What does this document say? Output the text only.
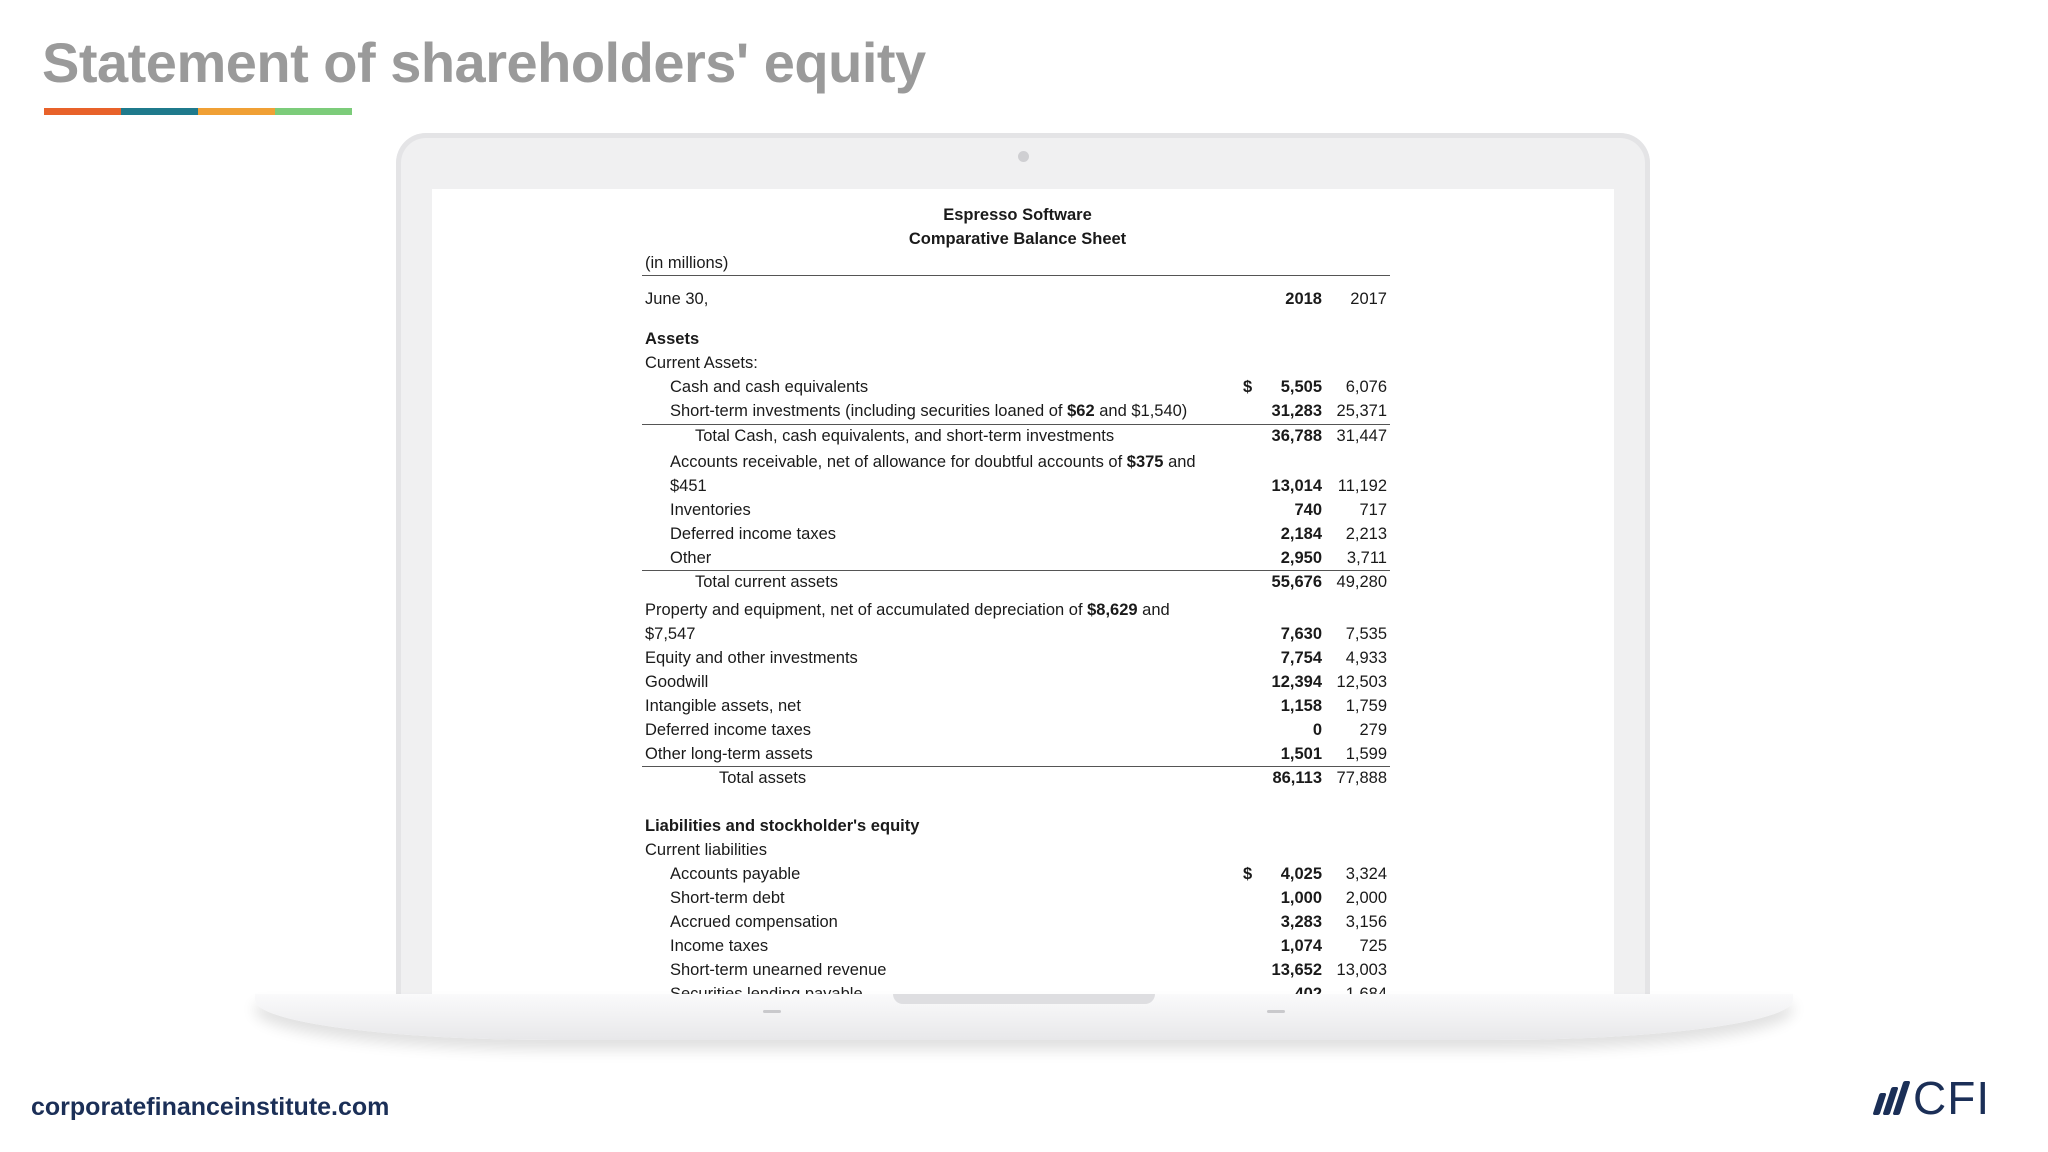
Statement of shareholders' equity
Espresso Software
Comparative Balance Sheet
(in millions)
June 30,	2018 2017
Assets
Current Assets:
Cash and cash equivalents	$ 5,505 6,076
Short-term investments (including securities loaned of $62 and $1,540)	31,283 25,371
Total Cash, cash equivalents, and short-term investments	36,788 31,447
Accounts receivable, net of allowance for doubtful accounts of $375 and
$451	13,014 11,192
Inventories	740 717
Deferred income taxes	2,184 2,213
Other	2,950 3,711
Total current assets	55,676 49,280
Property and equipment, net of accumulated depreciation of $8,629 and
$7,547	7,630 7,535
Equity and other investments	7,754 4,933
Goodwill	12,394 12,503
Intangible assets, net	1,158 1,759
Deferred income taxes	0 279
Other long-term assets	1,501 1,599
Total assets	86,113 77,888
Liabilities and stockholder's equity
Current liabilities
Accounts payable	$ 4,025 3,324
Short-term debt	1,000 2,000
Accrued compensation	3,283 3,156
Income taxes	1,074 725
Short-term unearned revenue	13,652 13,003
corporatefinanceinstitute.com	CFI
